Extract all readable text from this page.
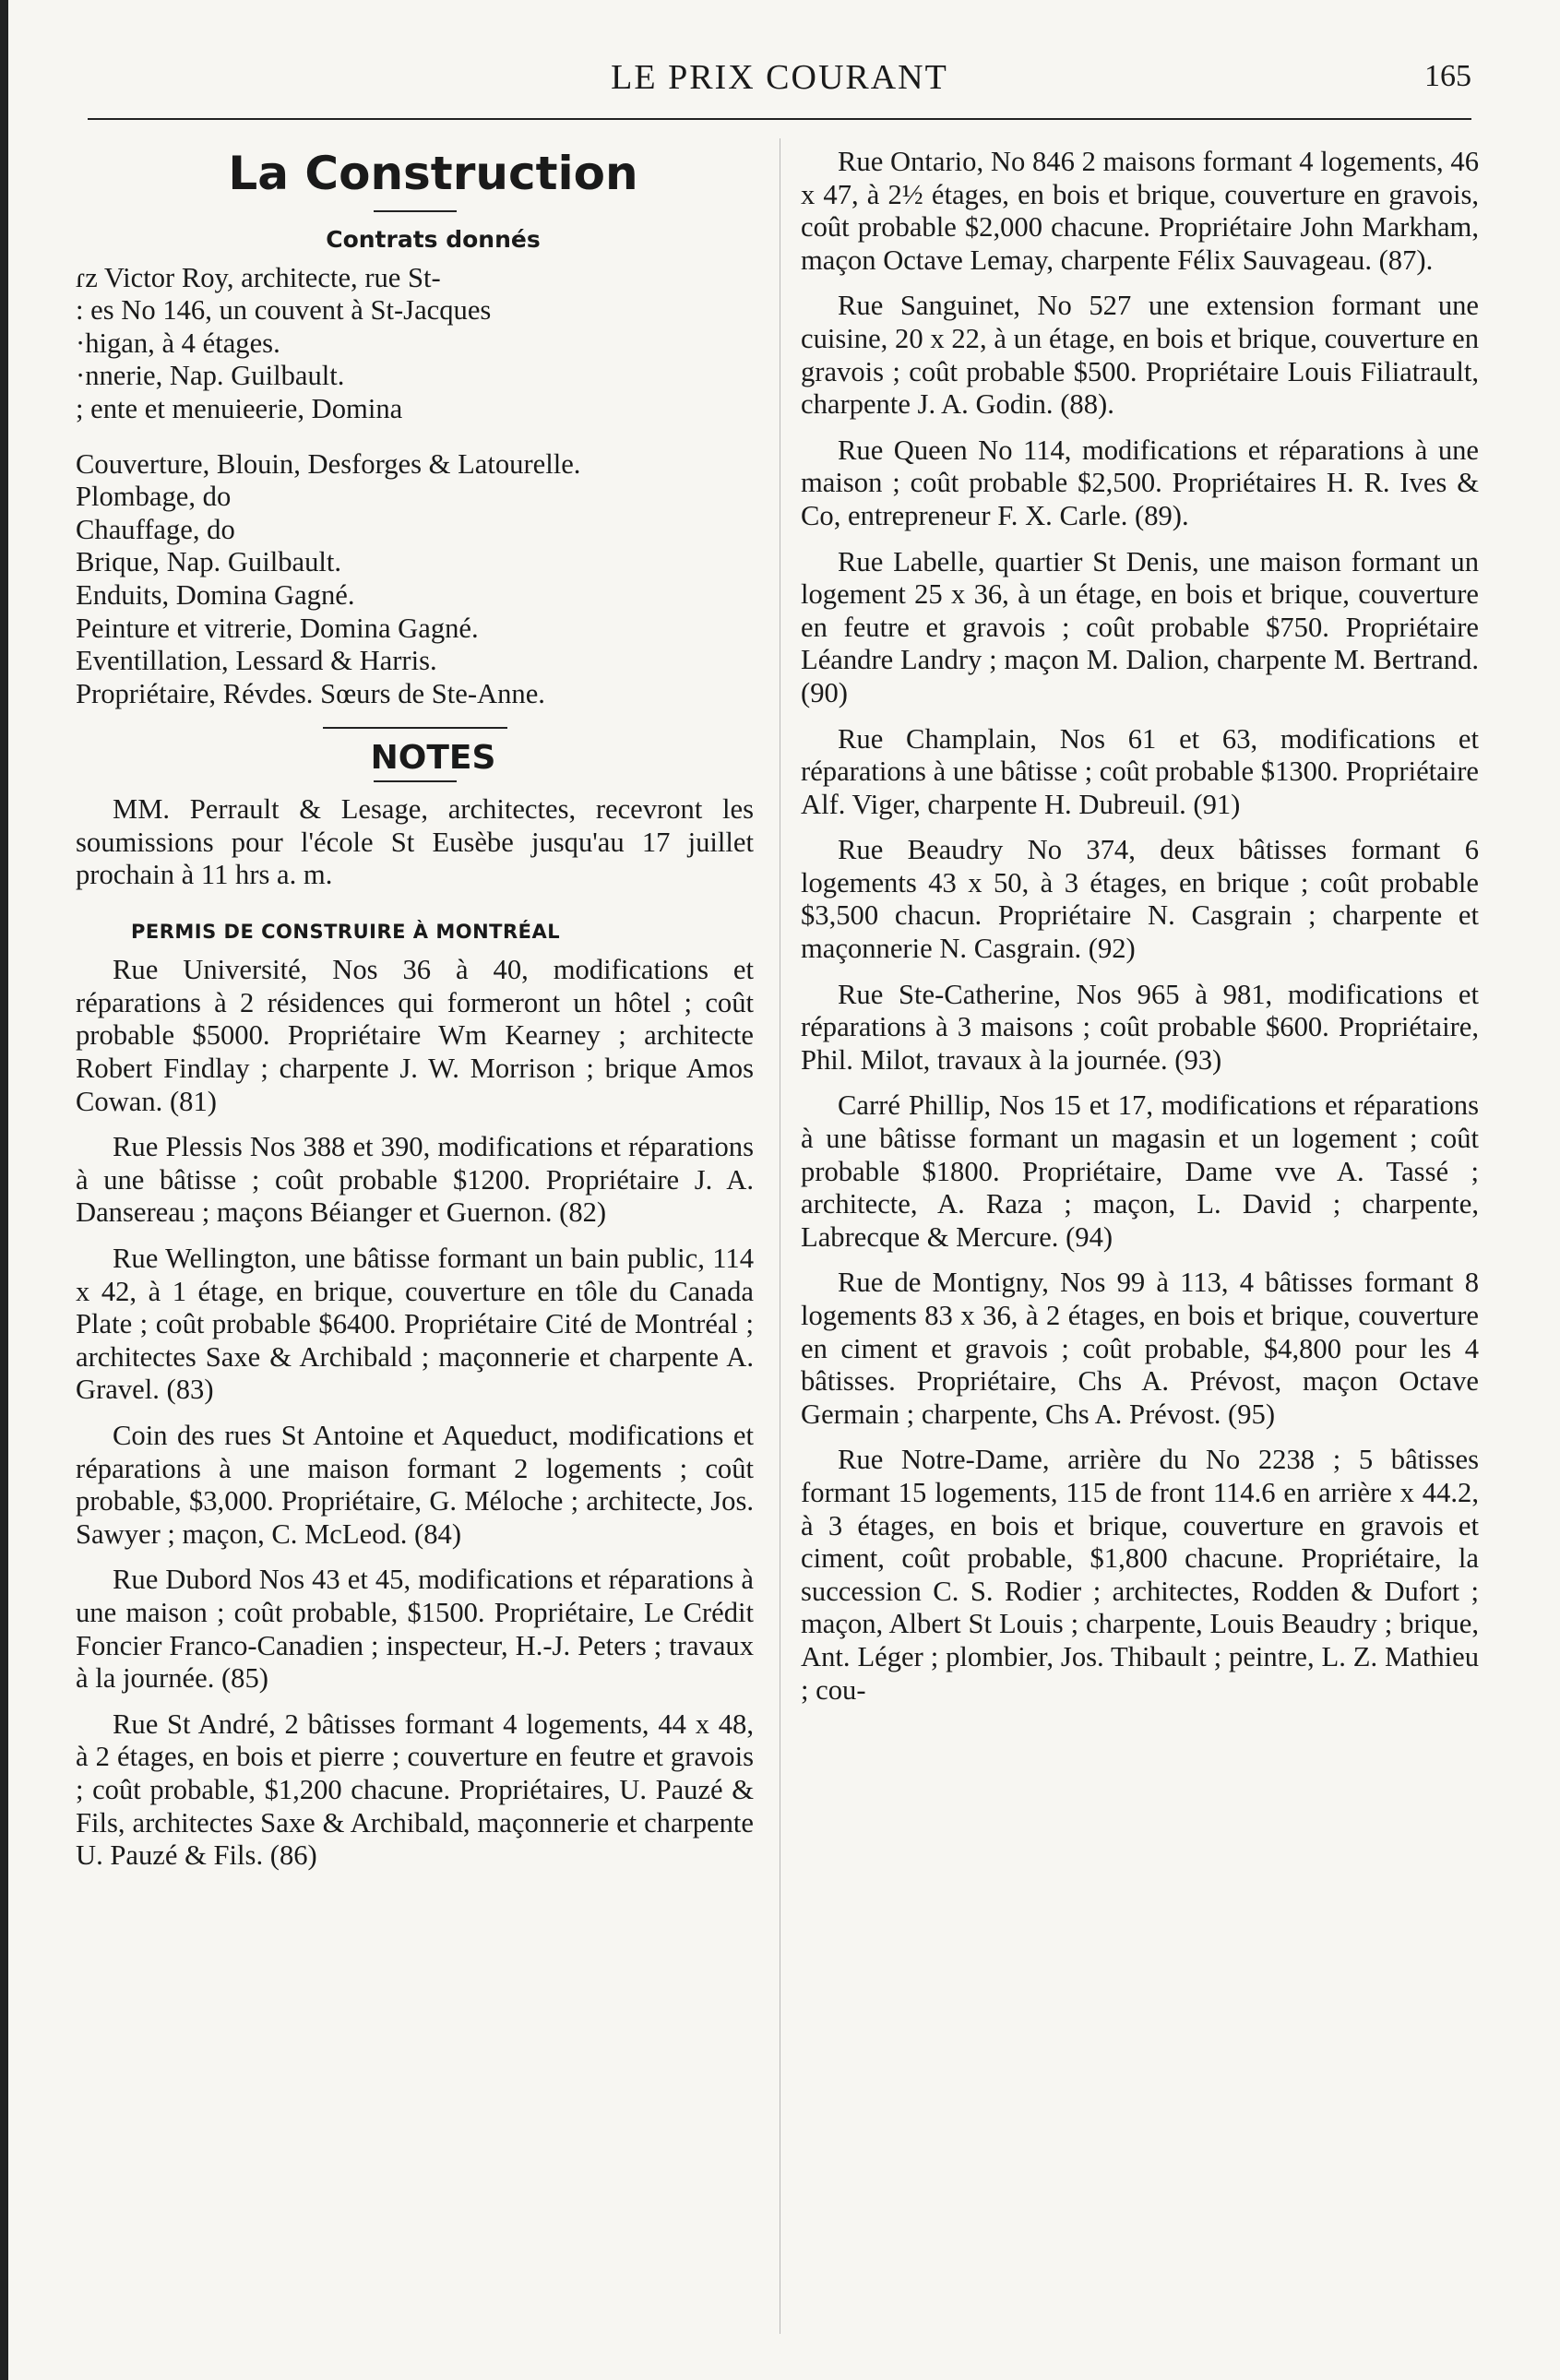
LE PRIX COURANT	165
La Construction
Contrats donnés

ɾz Victor Roy, architecte, rue St-

: es No 146, un couvent à St-Jacques

·higan, à 4 étages.

·nnerie, Nap. Guilbault.

; ente et menuieerie, Domina

Couverture, Blouin, Desforges & Latourelle.

Plombage, do

Chauffage, do

Brique, Nap. Guilbault.

Enduits, Domina Gagné.

Peinture et vitrerie, Domina Gagné.

Eventillation, Lessard & Harris.

Propriétaire, Révdes. Sœurs de Ste-Anne.

NOTES

MM. Perrault & Lesage, architectes, recevront les soumissions pour l'école St Eusèbe jusqu'au 17 juillet prochain à 11 hrs a. m.

PERMIS DE CONSTRUIRE À MONTRÉAL

Rue Université, Nos 36 à 40, modifications et réparations à 2 résidences qui formeront un hôtel ; coût probable $5000. Propriétaire Wm Kearney ; architecte Robert Findlay ; charpente J. W. Morrison ; brique Amos Cowan. (81)

Rue Plessis Nos 388 et 390, modifications et réparations à une bâtisse ; coût probable $1200. Propriétaire J. A. Dansereau ; maçons Béianger et Guernon. (82)

Rue Wellington, une bâtisse formant un bain public, 114 x 42, à 1 étage, en brique, couverture en tôle du Canada Plate ; coût probable $6400. Propriétaire Cité de Montréal ; architectes Saxe & Archibald ; maçonnerie et charpente A. Gravel. (83)

Coin des rues St Antoine et Aqueduct, modifications et réparations à une maison formant 2 logements ; coût probable, $3,000. Propriétaire, G. Méloche ; architecte, Jos. Sawyer ; maçon, C. McLeod. (84)

Rue Dubord Nos 43 et 45, modifications et réparations à une maison ; coût probable, $1500. Propriétaire, Le Crédit Foncier Franco-Canadien ; inspecteur, H.-J. Peters ; travaux à la journée. (85)

Rue St André, 2 bâtisses formant 4 logements, 44 x 48, à 2 étages, en bois et pierre ; couverture en feutre et gravois ; coût probable, $1,200 chacune. Propriétaires, U. Pauzé & Fils, architectes Saxe & Archibald, maçonnerie et charpente U. Pauzé & Fils. (86)

Rue Ontario, No 846 2 maisons formant 4 logements, 46 x 47, à 2½ étages, en bois et brique, couverture en gravois, coût probable $2,000 chacune. Propriétaire John Markham, maçon Octave Lemay, charpente Félix Sauvageau. (87).

Rue Sanguinet, No 527 une extension formant une cuisine, 20 x 22, à un étage, en bois et brique, couverture en gravois ; coût probable $500. Propriétaire Louis Filiatrault, charpente J. A. Godin. (88).

Rue Queen No 114, modifications et réparations à une maison ; coût probable $2,500. Propriétaires H. R. Ives & Co, entrepreneur F. X. Carle. (89).

Rue Labelle, quartier St Denis, une maison formant un logement 25 x 36, à un étage, en bois et brique, couverture en feutre et gravois ; coût probable $750. Propriétaire Léandre Landry ; maçon M. Dalion, charpente M. Bertrand. (90)

Rue Champlain, Nos 61 et 63, modifications et réparations à une bâtisse ; coût probable $1300. Propriétaire Alf. Viger, charpente H. Dubreuil. (91)

Rue Beaudry No 374, deux bâtisses formant 6 logements 43 x 50, à 3 étages, en brique ; coût probable $3,500 chacun. Propriétaire N. Casgrain ; charpente et maçonnerie N. Casgrain. (92)

Rue Ste-Catherine, Nos 965 à 981, modifications et réparations à 3 maisons ; coût probable $600. Propriétaire, Phil. Milot, travaux à la journée. (93)

Carré Phillip, Nos 15 et 17, modifications et réparations à une bâtisse formant un magasin et un logement ; coût probable $1800. Propriétaire, Dame vve A. Tassé ; architecte, A. Raza ; maçon, L. David ; charpente, Labrecque & Mercure. (94)

Rue de Montigny, Nos 99 à 113, 4 bâtisses formant 8 logements 83 x 36, à 2 étages, en bois et brique, couverture en ciment et gravois ; coût probable, $4,800 pour les 4 bâtisses. Propriétaire, Chs A. Prévost, maçon Octave Germain ; charpente, Chs A. Prévost. (95)

Rue Notre-Dame, arrière du No 2238 ; 5 bâtisses formant 15 logements, 115 de front 114.6 en arrière x 44.2, à 3 étages, en bois et brique, couverture en gravois et ciment, coût probable, $1,800 chacune. Propriétaire, la succession C. S. Rodier ; architectes, Rodden & Dufort ; maçon, Albert St Louis ; charpente, Louis Beaudry ; brique, Ant. Léger ; plombier, Jos. Thibault ; peintre, L. Z. Mathieu ; cou-
